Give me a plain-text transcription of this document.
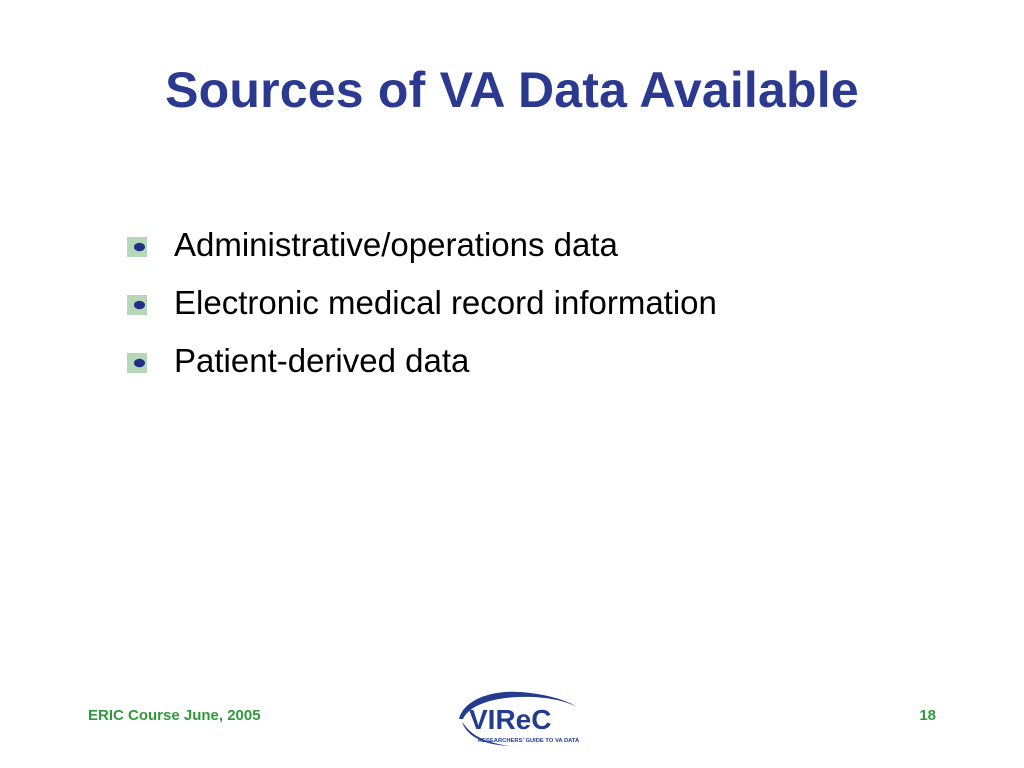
Sources of VA Data Available
Administrative/operations data
Electronic medical record information
Patient-derived data
ERIC Course June, 2005	VIReC
RESEARCHERS' GUIDE TO VA DATA
18
